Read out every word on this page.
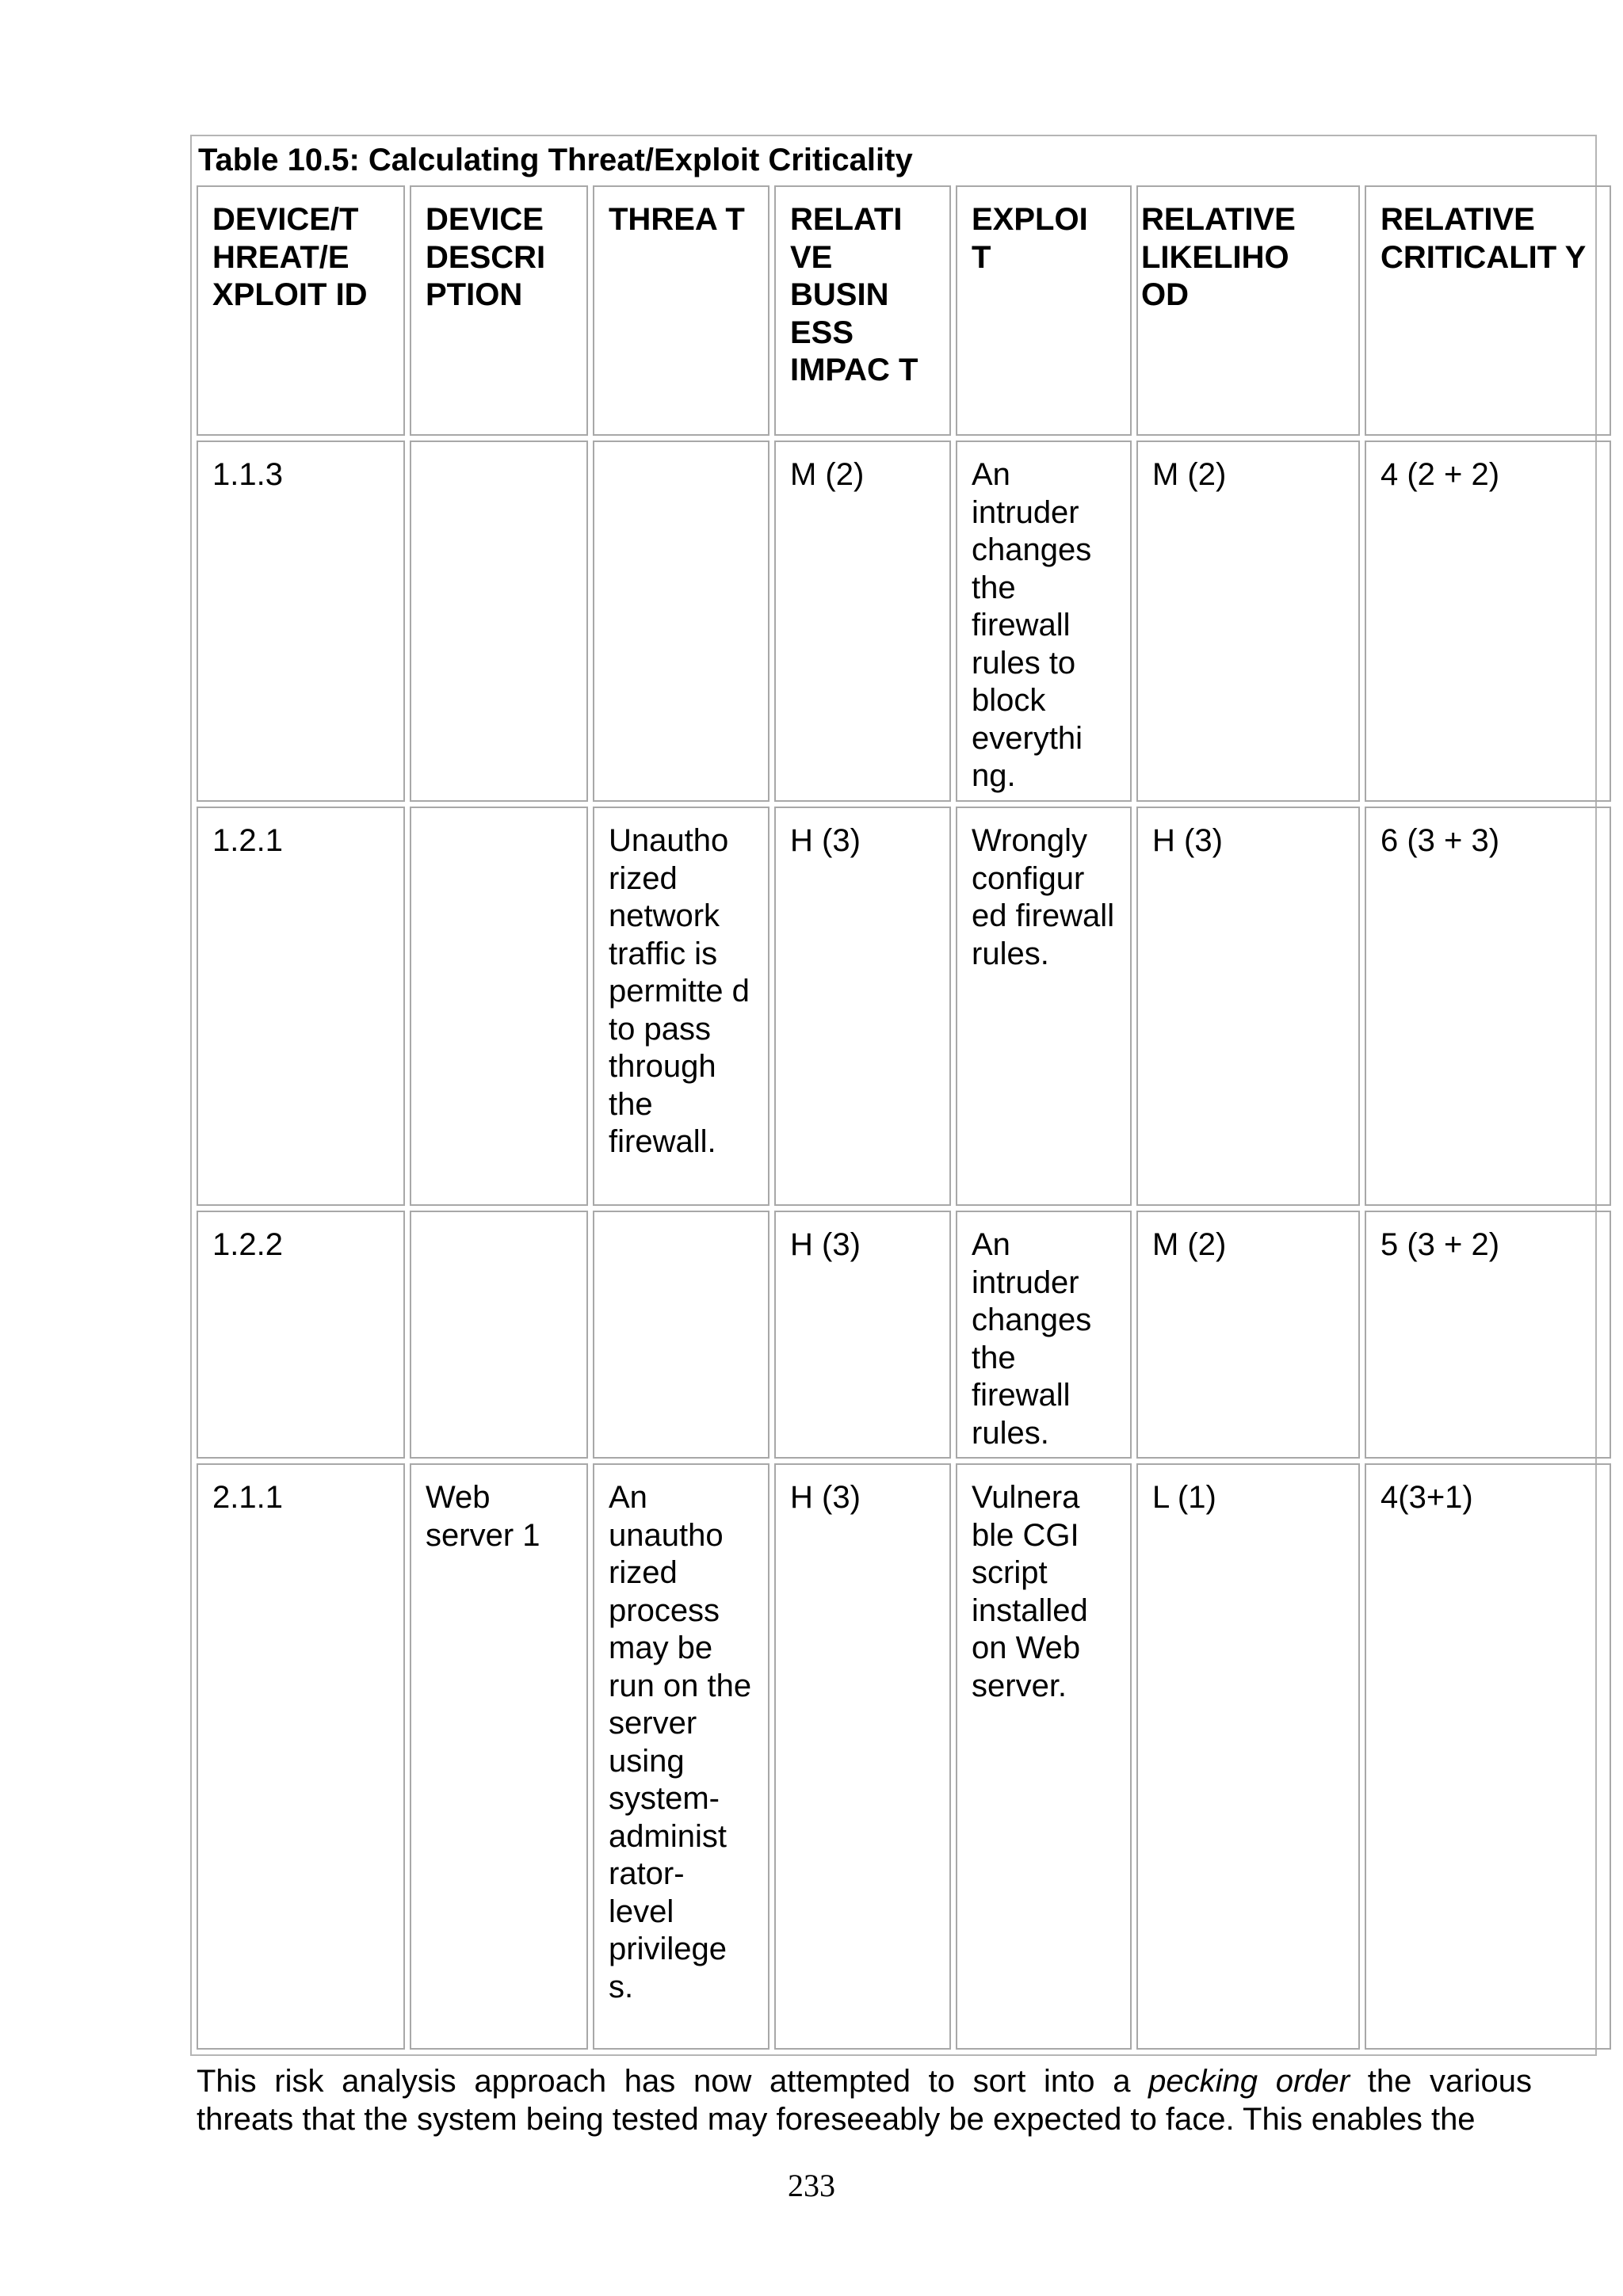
Table 10.5: Calculating Threat/Exploit Criticality
DEVICE/T HREAT/E XPLOIT ID	DEVICE DESCRI PTION	THREA T	RELATI VE BUSIN ESS IMPAC T	EXPLOI T	RELATIVE LIKELIHO OD	RELATIVE CRITICALIT Y
1.1.3			M (2)	An intruder changes the firewall rules to block everythi ng.	M (2)	4 (2 + 2)
1.2.1		Unautho rized network traffic is permitte d to pass through the firewall.	H (3)	Wrongly configur ed firewall rules.	H (3)	6 (3 + 3)
1.2.2			H (3)	An intruder changes the firewall rules.	M (2)	5 (3 + 2)
2.1.1	Web server 1	An unautho rized process may be run on the server using system- administ rator- level privilege s.	H (3)	Vulnera ble CGI script installed on Web server.	L (1)	4(3+1)
This risk analysis approach has now attempted to sort into a pecking order the various
threats that the system being tested may foreseeably be expected to face. This enables the
233
